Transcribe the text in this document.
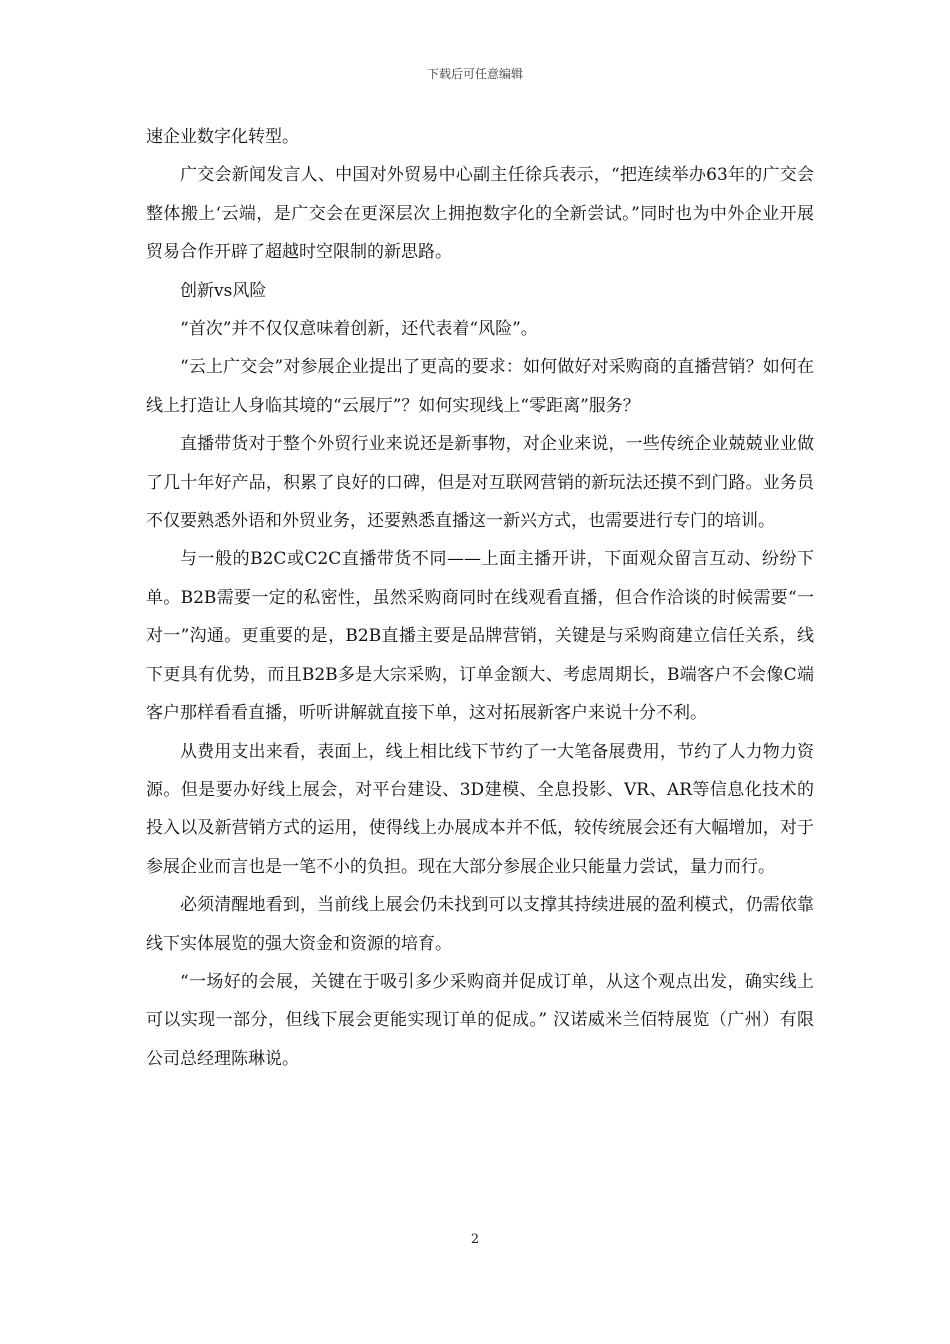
下载后可任意编辑

速企业数字化转型。

广交会新闻发言人、中国对外贸易中心副主任徐兵表示，“把连续举办63年的广交会整体搬上‘云端，是广交会在更深层次上拥抱数字化的全新尝试。”同时也为中外企业开展贸易合作开辟了超越时空限制的新思路。

创新vs风险

“首次”并不仅仅意味着创新，还代表着“风险”。

“云上广交会”对参展企业提出了更高的要求：如何做好对采购商的直播营销？如何在线上打造让人身临其境的“云展厅”？如何实现线上“零距离”服务？

直播带货对于整个外贸行业来说还是新事物，对企业来说，一些传统企业兢兢业业做了几十年好产品，积累了良好的口碑，但是对互联网营销的新玩法还摸不到门路。业务员不仅要熟悉外语和外贸业务，还要熟悉直播这一新兴方式，也需要进行专门的培训。

与一般的B2C或C2C直播带货不同——上面主播开讲，下面观众留言互动、纷纷下单。B2B需要一定的私密性，虽然采购商同时在线观看直播，但合作洽谈的时候需要“一对一”沟通。更重要的是，B2B直播主要是品牌营销，关键是与采购商建立信任关系，线下更具有优势，而且B2B多是大宗采购，订单金额大、考虑周期长，B端客户不会像C端客户那样看看直播，听听讲解就直接下单，这对拓展新客户来说十分不利。

从费用支出来看，表面上，线上相比线下节约了一大笔备展费用，节约了人力物力资源。但是要办好线上展会，对平台建设、3D建模、全息投影、VR、AR等信息化技术的投入以及新营销方式的运用，使得线上办展成本并不低，较传统展会还有大幅增加，对于参展企业而言也是一笔不小的负担。现在大部分参展企业只能量力尝试，量力而行。

必须清醒地看到，当前线上展会仍未找到可以支撑其持续进展的盈利模式，仍需依靠线下实体展览的强大资金和资源的培育。

“一场好的会展，关键在于吸引多少采购商并促成订单，从这个观点出发，确实线上可以实现一部分，但线下展会更能实现订单的促成。” 汉诺威米兰佰特展览（广州）有限公司总经理陈琳说。

2
